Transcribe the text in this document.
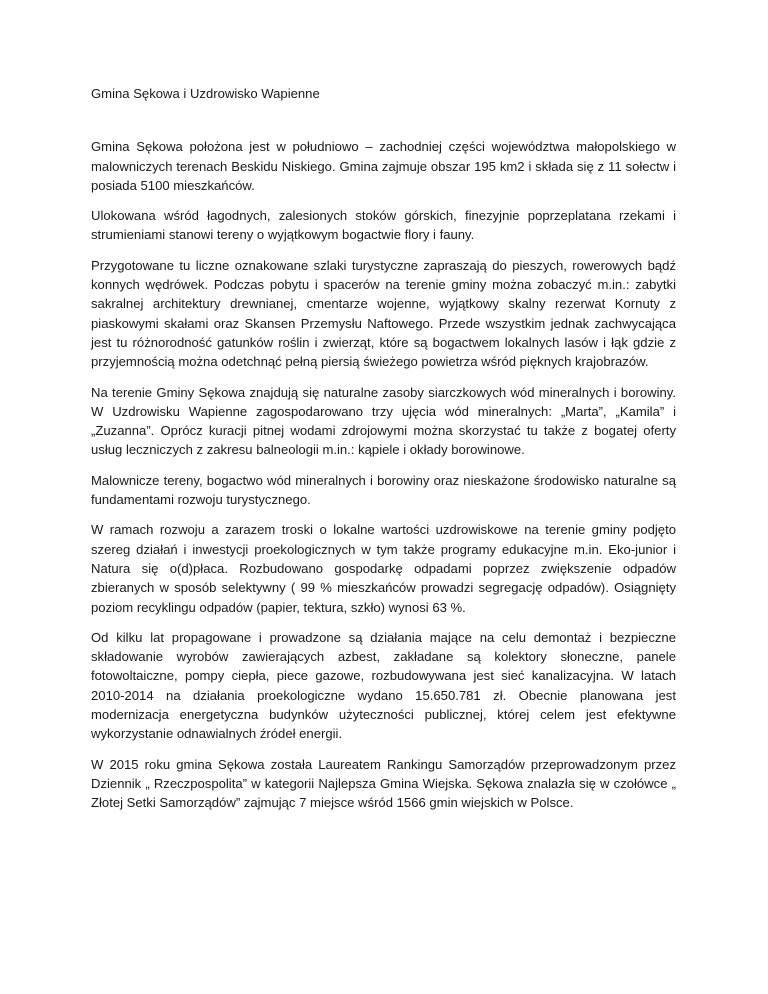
Gmina Sękowa i Uzdrowisko Wapienne

Gmina Sękowa położona jest w południowo – zachodniej części województwa małopolskiego w malowniczych terenach Beskidu Niskiego. Gmina zajmuje obszar 195 km2 i składa się z 11 sołectw i posiada 5100 mieszkańców.

Ulokowana wśród łagodnych, zalesionych stoków górskich, finezyjnie poprzeplatana rzekami i strumieniami stanowi tereny o wyjątkowym bogactwie flory i fauny.

Przygotowane tu liczne oznakowane szlaki turystyczne zapraszają do pieszych, rowerowych bądź konnych wędrówek. Podczas pobytu i spacerów na terenie gminy można zobaczyć m.in.: zabytki sakralnej architektury drewnianej, cmentarze wojenne, wyjątkowy skalny rezerwat Kornuty z piaskowymi skałami oraz Skansen Przemysłu Naftowego. Przede wszystkim jednak zachwycająca jest tu różnorodność gatunków roślin i zwierząt, które są bogactwem lokalnych lasów i łąk gdzie z przyjemnością można odetchnąć pełną piersią świeżego powietrza wśród pięknych krajobrazów.

Na terenie Gminy Sękowa znajdują się naturalne zasoby siarczkowych wód mineralnych i borowiny. W Uzdrowisku Wapienne zagospodarowano trzy ujęcia wód mineralnych: „Marta”, „Kamila” i „Zuzanna”. Oprócz kuracji pitnej wodami zdrojowymi można skorzystać tu także z bogatej oferty usług leczniczych z zakresu balneologii m.in.: kąpiele i okłady borowinowe.

Malownicze tereny, bogactwo wód mineralnych i borowiny oraz nieskażone środowisko naturalne są fundamentami rozwoju turystycznego.

W ramach rozwoju a zarazem troski o lokalne wartości uzdrowiskowe na terenie gminy podjęto szereg działań i inwestycji proekologicznych w tym także programy edukacyjne m.in. Eko-junior i Natura się o(d)płaca. Rozbudowano gospodarkę odpadami poprzez zwiększenie odpadów zbieranych w sposób selektywny ( 99 % mieszkańców prowadzi segregację odpadów). Osiągnięty poziom recyklingu odpadów (papier, tektura, szkło) wynosi 63 %.

Od kilku lat propagowane i prowadzone są działania mające na celu demontaż i bezpieczne składowanie wyrobów zawierających azbest, zakładane są kolektory słoneczne, panele fotowoltaiczne, pompy ciepła, piece gazowe, rozbudowywana jest sieć kanalizacyjna. W latach 2010-2014 na działania proekologiczne wydano 15.650.781 zł. Obecnie planowana jest modernizacja energetyczna budynków użyteczności publicznej, której celem jest efektywne wykorzystanie odnawialnych źródeł energii.

W 2015 roku gmina Sękowa została Laureatem Rankingu Samorządów przeprowadzonym przez Dziennik „ Rzeczpospolita” w kategorii Najlepsza Gmina Wiejska. Sękowa znalazła się w czołówce „ Złotej Setki Samorządów” zajmując 7 miejsce wśród 1566 gmin wiejskich w Polsce.
